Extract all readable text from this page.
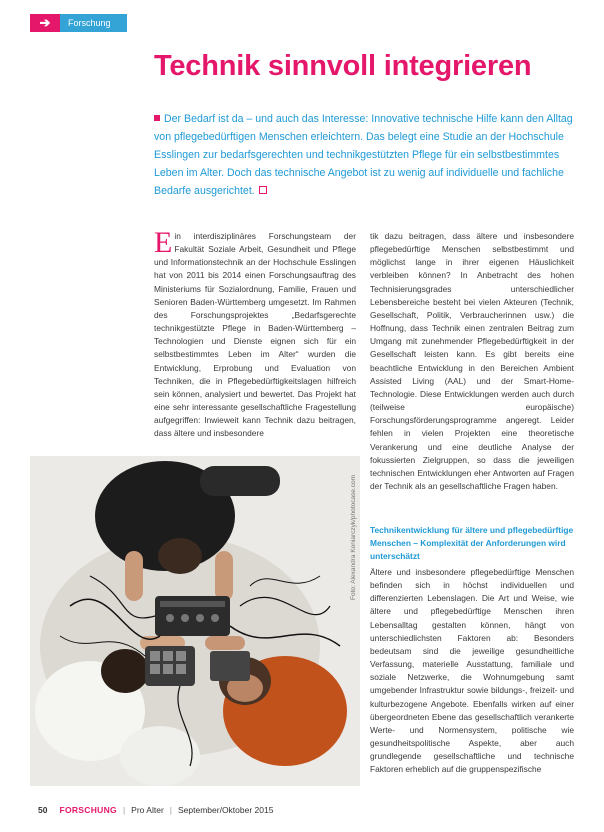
➔	Forschung
Technik sinnvoll integrieren

Der Bedarf ist da – und auch das Interesse: Innovative technische Hilfe kann den Alltag von pflegebedürftigen Menschen erleichtern. Das belegt eine Studie an der Hochschule Esslingen zur bedarfsgerechten und technikgestützten Pflege für ein selbstbestimmtes Leben im Alter. Doch das technische Angebot ist zu wenig auf individuelle und fachliche Bedarfe ausgerichtet.

Ein interdisziplinäres Forschungsteam der Fakultät Soziale Arbeit, Gesundheit und Pflege und Informationstechnik an der Hochschule Esslingen hat von 2011 bis 2014 einen Forschungsauftrag des Ministeriums für Sozialordnung, Familie, Frauen und Senioren Baden-Württemberg umgesetzt. Im Rahmen des Forschungsprojektes „Bedarfsgerechte technikgestützte Pflege in Baden-Württemberg – Technologien und Dienste eignen sich für ein selbstbestimmtes Leben im Alter“ wurden die Entwicklung, Erprobung und Evaluation von Techniken, die in Pflegebedürftigkeitslagen hilfreich sein können, analysiert und bewertet. Das Projekt hat eine sehr interessante gesellschaftliche Fragestellung aufgegriffen: Inwieweit kann Technik dazu beitragen, dass ältere und insbesondere

tik dazu beitragen, dass ältere und insbesondere pflegebedürftige Menschen selbstbestimmt und möglichst lange in ihrer eigenen Häuslichkeit verbleiben können? In Anbetracht des hohen Technisierungsgrades unterschiedlicher Lebensbereiche besteht bei vielen Akteuren (Technik, Gesellschaft, Politik, Verbraucherinnen usw.) die Hoffnung, dass Technik einen zentralen Beitrag zum Umgang mit zunehmender Pflegebedürftigkeit in der Gesellschaft leisten kann. Es gibt bereits eine beachtliche Entwicklung in den Bereichen Ambient Assisted Living (AAL) und der Smart-Home-Technologie. Diese Entwicklungen werden auch durch (teilweise europäische) Forschungsförderungsprogramme angeregt. Leider fehlen in vielen Projekten eine theoretische Verankerung und eine deutliche Analyse der fokussierten Zielgruppen, so dass die jeweiligen technischen Entwicklungen eher Antworten auf Fragen der Technik als an gesellschaftliche Fragen haben.

Technikentwicklung für ältere und pflegebedürftige Menschen – Komplexität der Anforderungen wird unterschätzt

Ältere und insbesondere pflegebedürftige Menschen befinden sich in höchst individuellen und differenzierten Lebenslagen. Die Art und Weise, wie ältere und pflegebedürftige Menschen ihren Lebensalltag gestalten können, hängt von unterschiedlichsten Faktoren ab: Besonders bedeutsam sind die jeweilige gesundheitliche Verfassung, materielle Ausstattung, familiale und soziale Netzwerke, die Wohnumgebung samt umgebender Infrastruktur sowie bildungs-, freizeit- und kulturbezogene Angebote. Ebenfalls wirken auf einer übergeordneten Ebene das gesellschaftlich verankerte Werte- und Normensystem, politische wie gesundheitspolitische Aspekte, aber auch grundlegende gesellschaftliche und technische Faktoren erheblich auf die gruppenspezifische

Foto: Alexandra Koniarczyk/photocase.com
50 FORSCHUNG | Pro Alter | September/Oktober 2015
